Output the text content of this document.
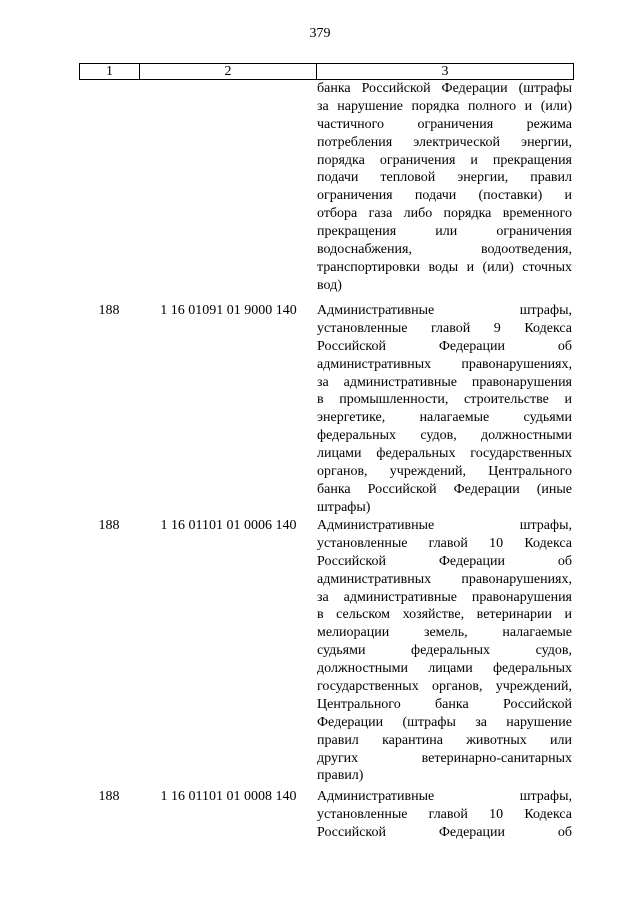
379
1	2	3
банка Российской Федерации (штрафы
за нарушение порядка полного и (или)
частичного ограничения режима
потребления электрической энергии,
порядка ограничения и прекращения
подачи тепловой энергии, правил
ограничения подачи (поставки) и
отбора газа либо порядка временного
прекращения или ограничения
водоснабжения, водоотведения,
транспортировки воды и (или) сточных
вод)
188	1 16 01091 01 9000 140	Административные штрафы,
установленные главой 9 Кодекса
Российской Федерации об
административных правонарушениях,
за административные правонарушения
в промышленности, строительстве и
энергетике, налагаемые судьями
федеральных судов, должностными
лицами федеральных государственных
органов, учреждений, Центрального
банка Российской Федерации (иные
штрафы)
188	1 16 01101 01 0006 140	Административные штрафы,
установленные главой 10 Кодекса
Российской Федерации об
административных правонарушениях,
за административные правонарушения
в сельском хозяйстве, ветеринарии и
мелиорации земель, налагаемые
судьями федеральных судов,
должностными лицами федеральных
государственных органов, учреждений,
Центрального банка Российской
Федерации (штрафы за нарушение
правил карантина животных или
других ветеринарно-санитарных
правил)
188	1 16 01101 01 0008 140	Административные штрафы,
установленные главой 10 Кодекса
Российской Федерации об
